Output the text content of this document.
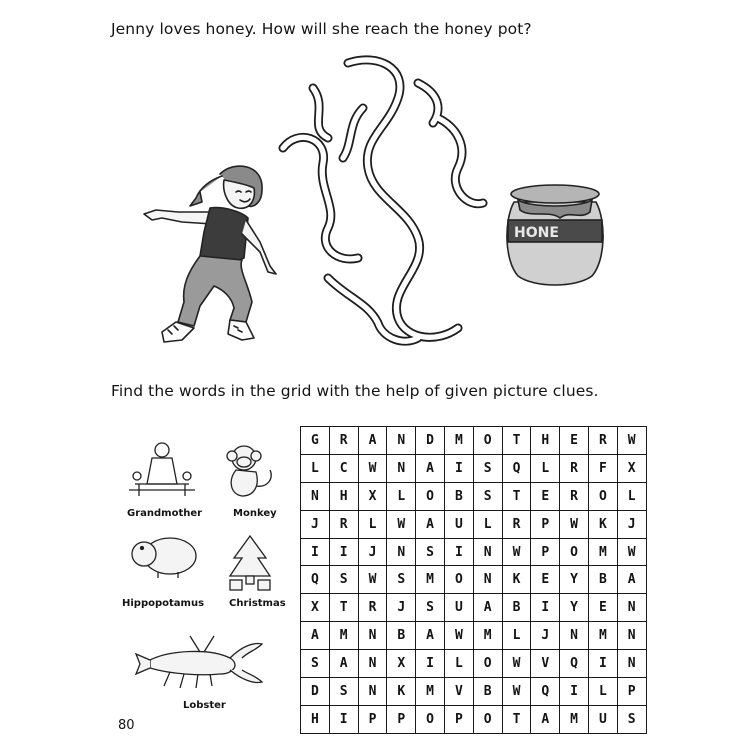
Jenny loves honey. How will she reach the honey pot?
HONE
Find the words in the grid with the help of given picture clues.
Grandmother	Monkey
Hippopotamus Christmas
Lobster
G	R	A	N	D	M	O	T	H	E	R	W
L	C	W	N	A	I	S	Q	L	R	F	X
N	H	X	L	O	B	S	T	E	R	O	L
J	R	L	W	A	U	L	R	P	W	K	J
I	I	J	N	S	I	N	W	P	O	M	W
Q	S	W	S	M	O	N	K	E	Y	B	A
X	T	R	J	S	U	A	B	I	Y	E	N
A	M	N	B	A	W	M	L	J	N	M	N
S	A	N	X	I	L	O	W	V	Q	I	N
D	S	N	K	M	V	B	W	Q	I	L	P
H	I	P	P	O	P	O	T	A	M	U	S
80
